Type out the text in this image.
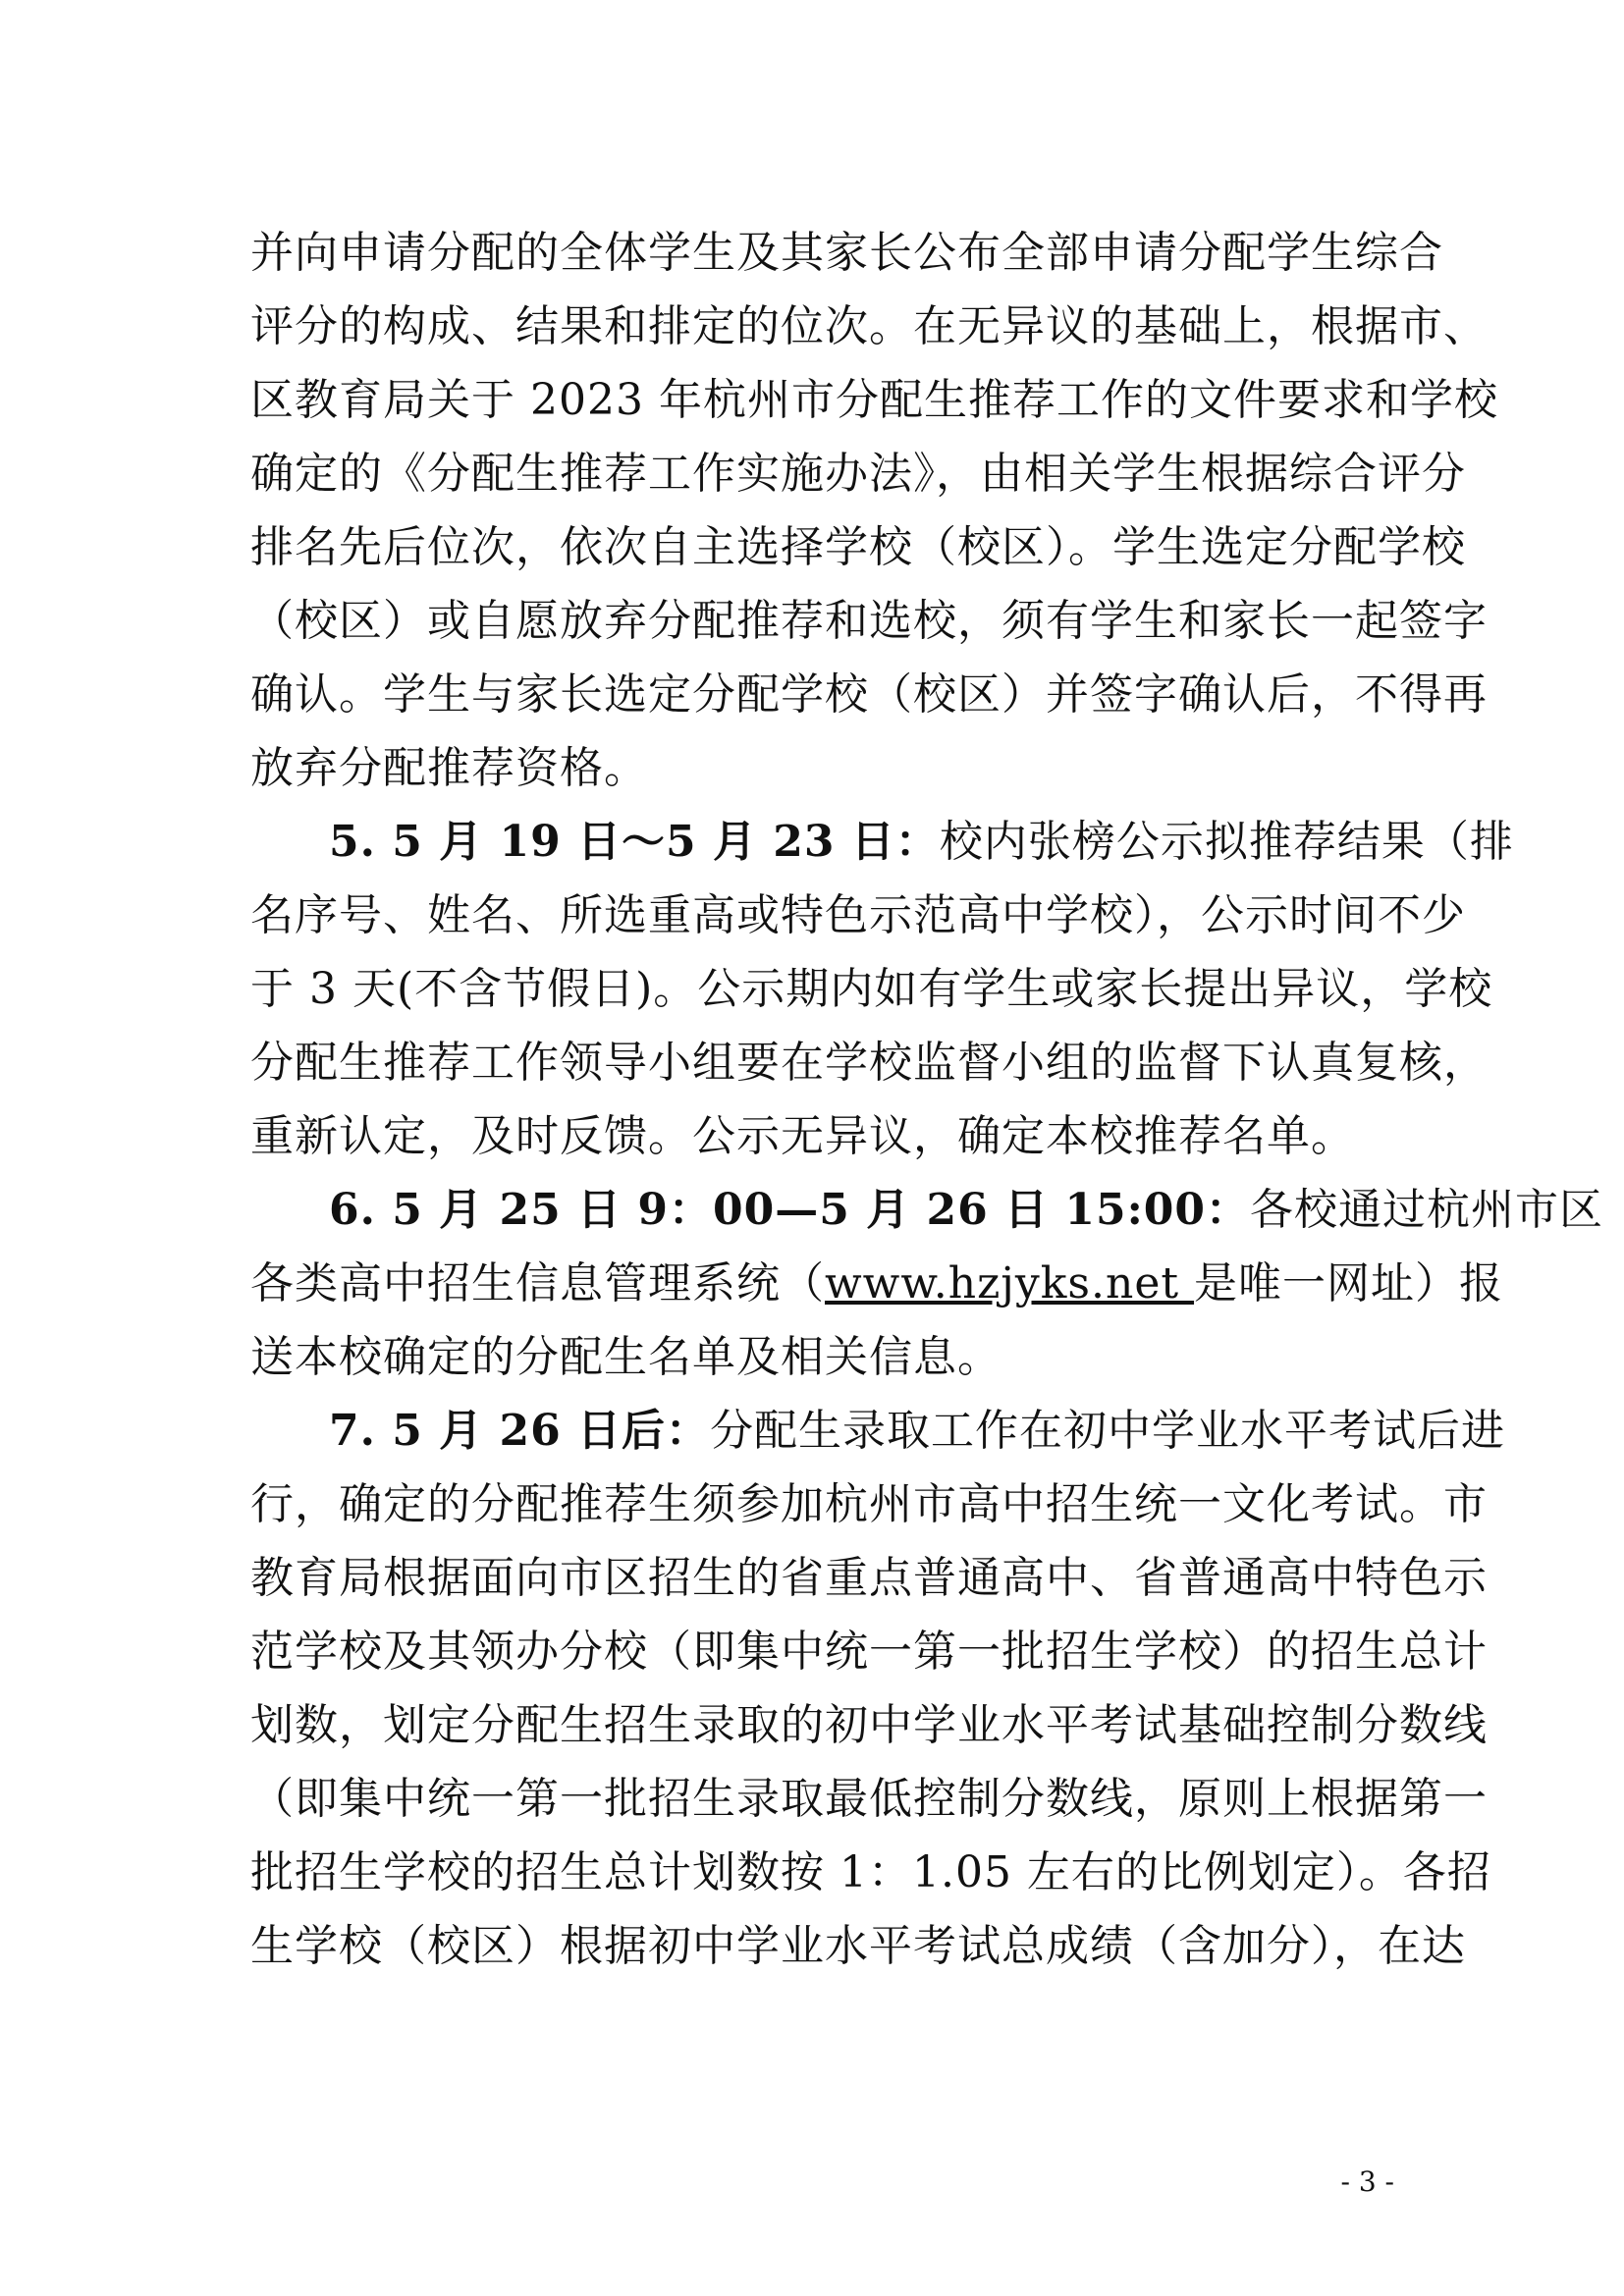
并向申请分配的全体学生及其家长公布全部申请分配学生综合
评分的构成、结果和排定的位次。在无异议的基础上，根据市、
区教育局关于 2023 年杭州市分配生推荐工作的文件要求和学校
确定的《分配生推荐工作实施办法》，由相关学生根据综合评分
排名先后位次，依次自主选择学校（校区）。学生选定分配学校
（校区）或自愿放弃分配推荐和选校，须有学生和家长一起签字
确认。学生与家长选定分配学校（校区）并签字确认后，不得再
放弃分配推荐资格。
5. 5 月 19 日～5 月 23 日：校内张榜公示拟推荐结果（排
名序号、姓名、所选重高或特色示范高中学校），公示时间不少
于 3 天(不含节假日)。公示期内如有学生或家长提出异议，学校
分配生推荐工作领导小组要在学校监督小组的监督下认真复核，
重新认定，及时反馈。公示无异议，确定本校推荐名单。
6. 5 月 25 日 9：00—5 月 26 日 15:00：各校通过杭州市区
各类高中招生信息管理系统（www.hzjyks.net 是唯一网址）报
送本校确定的分配生名单及相关信息。
7. 5 月 26 日后：分配生录取工作在初中学业水平考试后进
行，确定的分配推荐生须参加杭州市高中招生统一文化考试。市
教育局根据面向市区招生的省重点普通高中、省普通高中特色示
范学校及其领办分校（即集中统一第一批招生学校）的招生总计
划数，划定分配生招生录取的初中学业水平考试基础控制分数线
（即集中统一第一批招生录取最低控制分数线，原则上根据第一
批招生学校的招生总计划数按 1：1.05 左右的比例划定）。各招
生学校（校区）根据初中学业水平考试总成绩（含加分），在达
- 3 -
